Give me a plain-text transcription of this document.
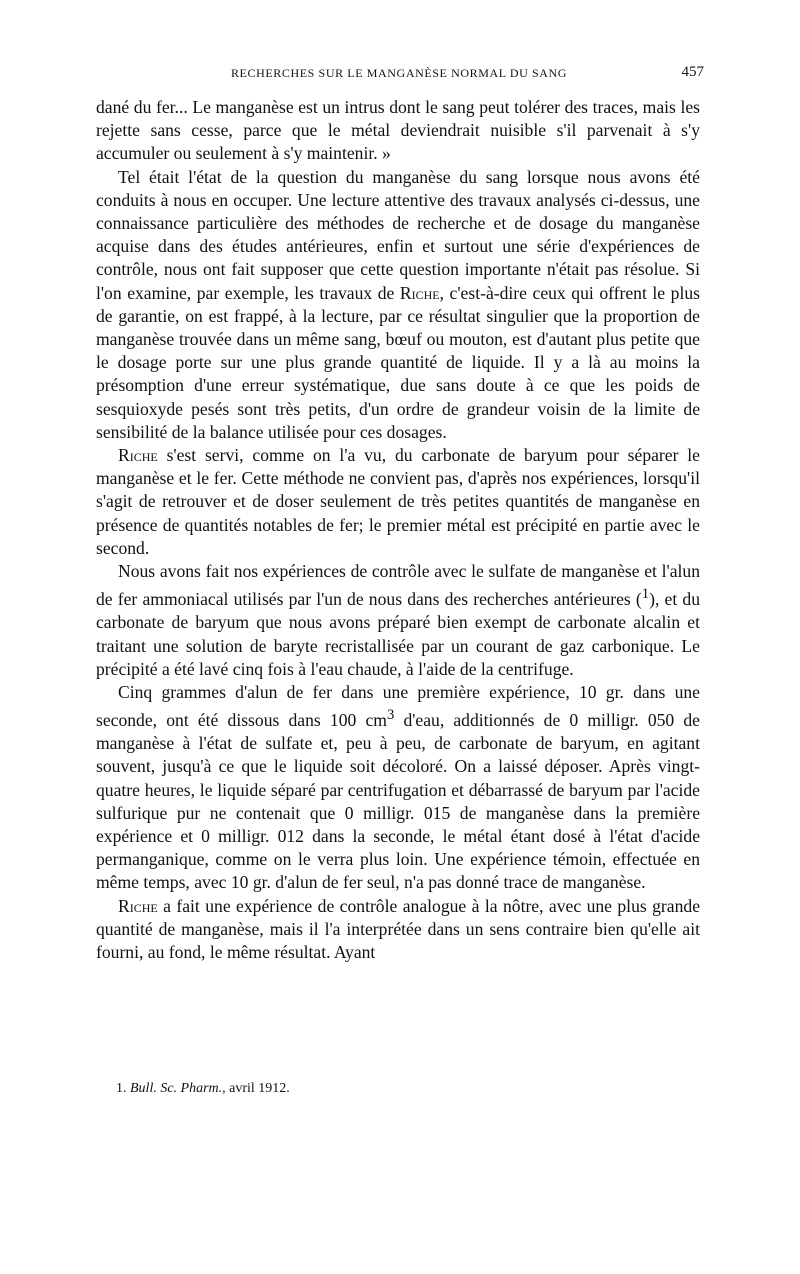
RECHERCHES SUR LE MANGANÈSE NORMAL DU SANG	457

dané du fer... Le manganèse est un intrus dont le sang peut tolérer des traces, mais les rejette sans cesse, parce que le métal deviendrait nuisible s'il parvenait à s'y accumuler ou seulement à s'y maintenir. »

Tel était l'état de la question du manganèse du sang lorsque nous avons été conduits à nous en occuper. Une lecture attentive des travaux analysés ci-dessus, une connaissance particulière des méthodes de recherche et de dosage du manganèse acquise dans des études antérieures, enfin et surtout une série d'expériences de contrôle, nous ont fait supposer que cette question importante n'était pas résolue. Si l'on examine, par exemple, les travaux de Riche, c'est-à-dire ceux qui offrent le plus de garantie, on est frappé, à la lecture, par ce résultat singulier que la proportion de manganèse trouvée dans un même sang, bœuf ou mouton, est d'autant plus petite que le dosage porte sur une plus grande quantité de liquide. Il y a là au moins la présomption d'une erreur systématique, due sans doute à ce que les poids de sesquioxyde pesés sont très petits, d'un ordre de grandeur voisin de la limite de sensibilité de la balance utilisée pour ces dosages.

Riche s'est servi, comme on l'a vu, du carbonate de baryum pour séparer le manganèse et le fer. Cette méthode ne convient pas, d'après nos expériences, lorsqu'il s'agit de retrouver et de doser seulement de très petites quantités de manganèse en présence de quantités notables de fer; le premier métal est précipité en partie avec le second.

Nous avons fait nos expériences de contrôle avec le sulfate de manganèse et l'alun de fer ammoniacal utilisés par l'un de nous dans des recherches antérieures ($^1$), et du carbonate de baryum que nous avons préparé bien exempt de carbonate alcalin et traitant une solution de baryte recristallisée par un courant de gaz carbonique. Le précipité a été lavé cinq fois à l'eau chaude, à l'aide de la centrifuge.

Cinq grammes d'alun de fer dans une première expérience, 10 gr. dans une seconde, ont été dissous dans 100 $cm^3$ d'eau, additionnés de 0 milligr. 050 de manganèse à l'état de sulfate et, peu à peu, de carbonate de baryum, en agitant souvent, jusqu'à ce que le liquide soit décoloré. On a laissé déposer. Après vingt-quatre heures, le liquide séparé par centrifugation et débarrassé de baryum par l'acide sulfurique pur ne contenait que 0 milligr. 015 de manganèse dans la première expérience et 0 milligr. 012 dans la seconde, le métal étant dosé à l'état d'acide permanganique, comme on le verra plus loin. Une expérience témoin, effectuée en même temps, avec 10 gr. d'alun de fer seul, n'a pas donné trace de manganèse.

Riche a fait une expérience de contrôle analogue à la nôtre, avec une plus grande quantité de manganèse, mais il l'a interprétée dans un sens contraire bien qu'elle ait fourni, au fond, le même résultat. Ayant

1. Bull. Sc. Pharm., avril 1912.
